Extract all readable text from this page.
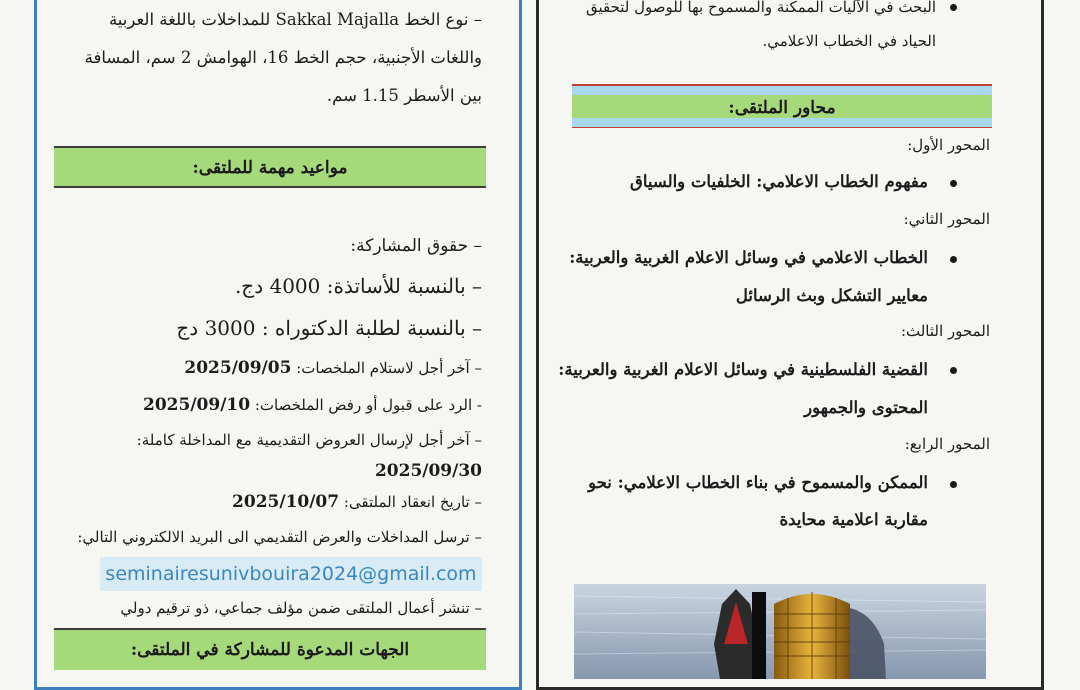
– نوع الخط Sakkal Majalla للمداخلات باللغة العربية
واللغات الأجنبية، حجم الخط 16، الهوامش 2 سم، المسافة
بين الأسطر 1.15 سم.
مواعيد مهمة للملتقى:
– حقوق المشاركة:
– بالنسبة للأساتذة: 4000 دج.
– بالنسبة لطلبة الدكتوراه : 3000 دج
– آخر أجل لاستلام الملخصات: 2025/09/05
- الرد على قبول أو رفض الملخصات: 2025/09/10
– آخر أجل لإرسال العروض التقديمية مع المداخلة كاملة:
2025/09/30
– تاريخ انعقاد الملتقى: 2025/10/07
– ترسل المداخلات والعرض التقديمي الى البريد الالكتروني التالي:
seminairesunivbouira2024@gmail.com
– تنشر أعمال الملتقى ضمن مؤلف جماعي، ذو ترقيم دولي
الجهات المدعوة للمشاركة في الملتقى:
البحث في الآليات الممكنة والمسموح بها للوصول لتحقيق
الحياد في الخطاب الاعلامي.
محاور الملتقى:
المحور الأول:
مفهوم الخطاب الاعلامي: الخلفيات والسياق
المحور الثاني:
الخطاب الاعلامي في وسائل الاعلام الغربية والعربية:
معايير التشكل وبث الرسائل
المحور الثالث:
القضية الفلسطينية في وسائل الاعلام الغربية والعربية:
المحتوى والجمهور
المحور الرابع:
الممكن والمسموح في بناء الخطاب الاعلامي: نحو
مقاربة اعلامية محايدة
